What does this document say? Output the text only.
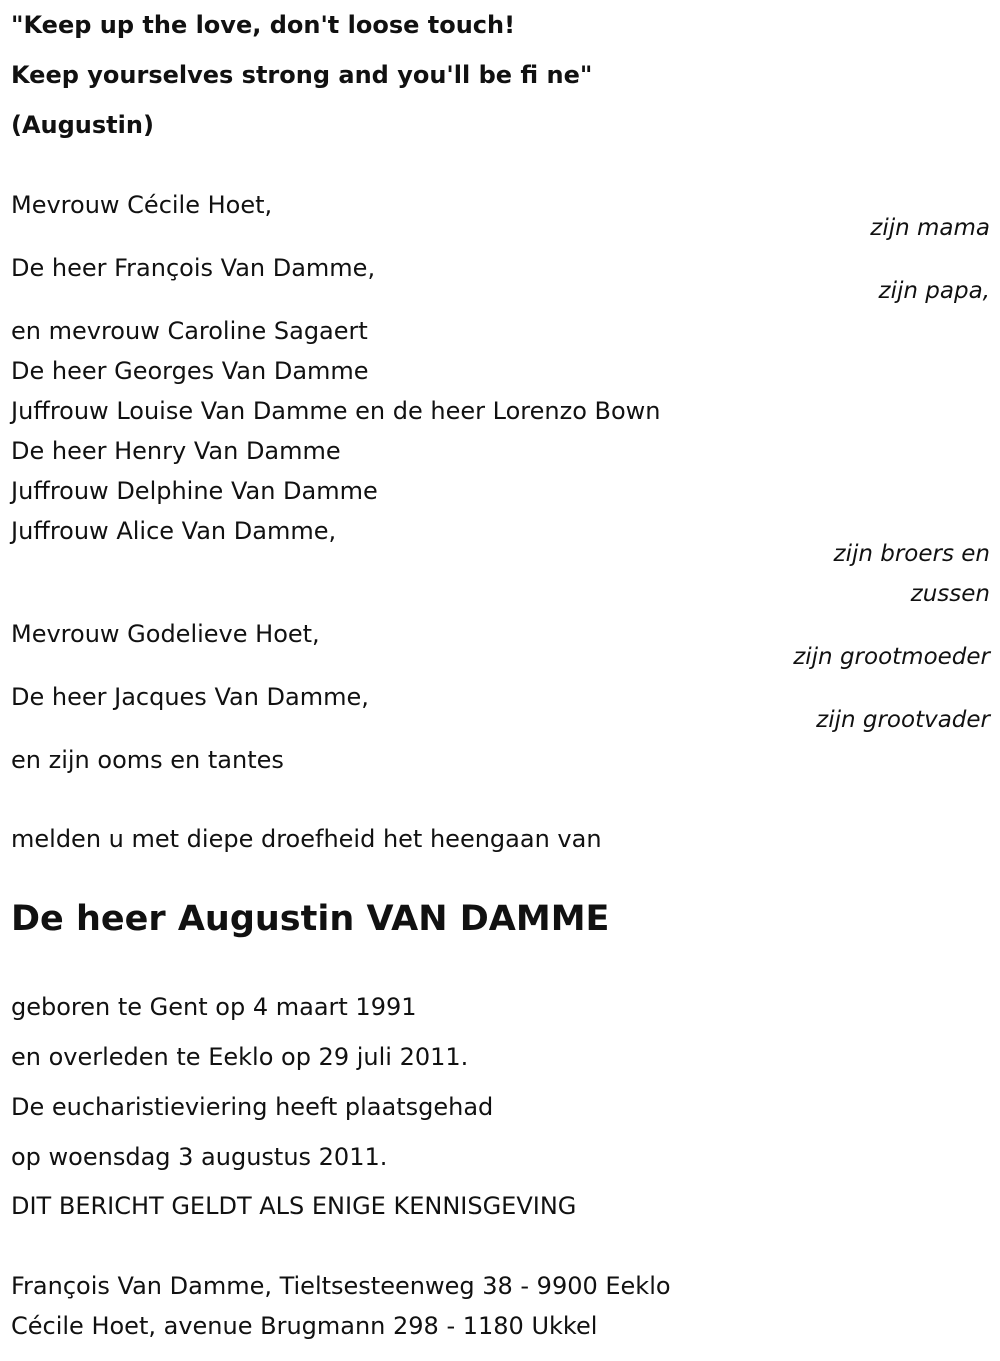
"Keep up the love, don't loose touch!

Keep yourselves strong and you'll be fi ne"

(Augustin)

Mevrouw Cécile Hoet,

zijn mama

De heer François Van Damme,

zijn papa,

en mevrouw Caroline Sagaert

De heer Georges Van Damme

Juffrouw Louise Van Damme en de heer Lorenzo Bown

De heer Henry Van Damme

Juffrouw Delphine Van Damme

Juffrouw Alice Van Damme,

zijn broers en

zussen

Mevrouw Godelieve Hoet,

zijn grootmoeder

De heer Jacques Van Damme,

zijn grootvader

en zijn ooms en tantes

melden u met diepe droefheid het heengaan van

De heer Augustin VAN DAMME

geboren te Gent op 4 maart 1991

en overleden te Eeklo op 29 juli 2011.

De eucharistieviering heeft plaatsgehad

op woensdag 3 augustus 2011.

DIT BERICHT GELDT ALS ENIGE KENNISGEVING

François Van Damme, Tieltsesteenweg 38 - 9900 Eeklo

Cécile Hoet, avenue Brugmann 298 - 1180 Ukkel
